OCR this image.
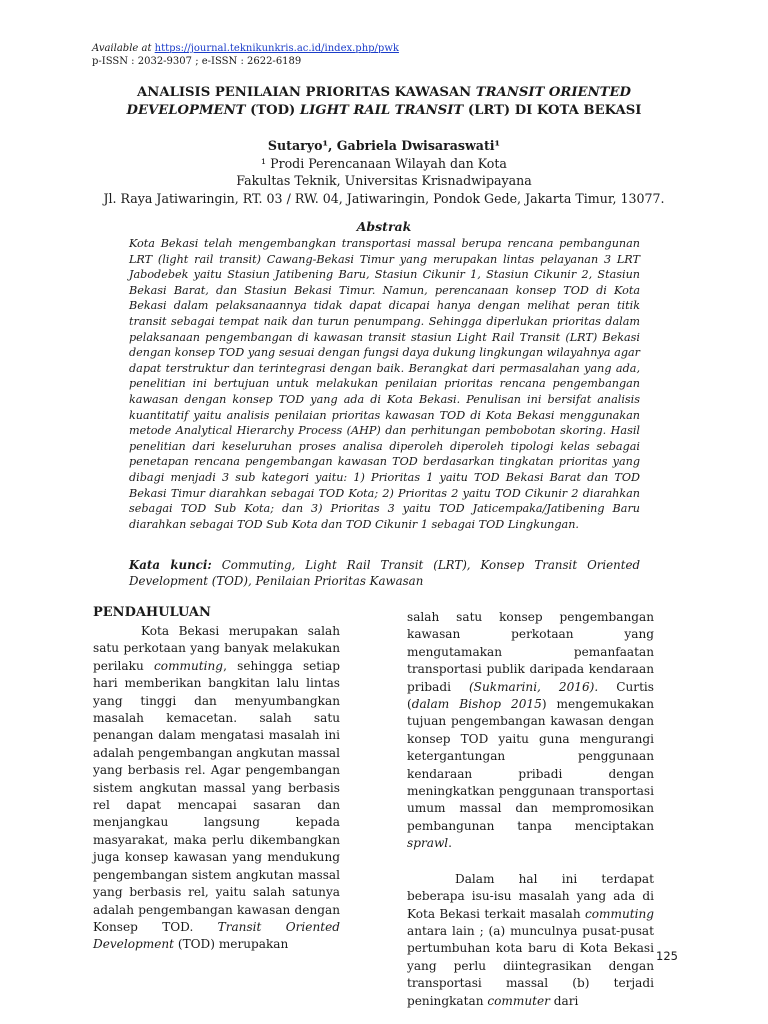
Available at https://journal.teknikunkris.ac.id/index.php/pwk
p-ISSN : 2032-9307 ; e-ISSN : 2622-6189
ANALISIS PENILAIAN PRIORITAS KAWASAN TRANSIT ORIENTED DEVELOPMENT (TOD) LIGHT RAIL TRANSIT (LRT) DI KOTA BEKASI
Sutaryo¹, Gabriela Dwisaraswati¹
¹ Prodi Perencanaan Wilayah dan Kota
Fakultas Teknik, Universitas Krisnadwipayana
Jl. Raya Jatiwaringin, RT. 03 / RW. 04, Jatiwaringin, Pondok Gede, Jakarta Timur, 13077.
Abstrak
Kota Bekasi telah mengembangkan transportasi massal berupa rencana pembangunan LRT (light rail transit) Cawang-Bekasi Timur yang merupakan lintas pelayanan 3 LRT Jabodebek yaitu Stasiun Jatibening Baru, Stasiun Cikunir 1, Stasiun Cikunir 2, Stasiun Bekasi Barat, dan Stasiun Bekasi Timur. Namun, perencanaan konsep TOD di Kota Bekasi dalam pelaksanaannya tidak dapat dicapai hanya dengan melihat peran titik transit sebagai tempat naik dan turun penumpang. Sehingga diperlukan prioritas dalam pelaksanaan pengembangan di kawasan transit stasiun Light Rail Transit (LRT) Bekasi dengan konsep TOD yang sesuai dengan fungsi daya dukung lingkungan wilayahnya agar dapat terstruktur dan terintegrasi dengan baik. Berangkat dari permasalahan yang ada, penelitian ini bertujuan untuk melakukan penilaian prioritas rencana pengembangan kawasan dengan konsep TOD yang ada di Kota Bekasi. Penulisan ini bersifat analisis kuantitatif yaitu analisis penilaian prioritas kawasan TOD di Kota Bekasi menggunakan metode Analytical Hierarchy Process (AHP) dan perhitungan pembobotan skoring. Hasil penelitian dari keseluruhan proses analisa diperoleh diperoleh tipologi kelas sebagai penetapan rencana pengembangan kawasan TOD berdasarkan tingkatan prioritas yang dibagi menjadi 3 sub kategori yaitu: 1) Prioritas 1 yaitu TOD Bekasi Barat dan TOD Bekasi Timur diarahkan sebagai TOD Kota; 2) Prioritas 2 yaitu TOD Cikunir 2 diarahkan sebagai TOD Sub Kota; dan 3) Prioritas 3 yaitu TOD Jaticempaka/Jatibening Baru diarahkan sebagai TOD Sub Kota dan TOD Cikunir 1 sebagai TOD Lingkungan.
Kata kunci: Commuting, Light Rail Transit (LRT), Konsep Transit Oriented Development (TOD), Penilaian Prioritas Kawasan
PENDAHULUAN

Kota Bekasi merupakan salah satu perkotaan yang banyak melakukan perilaku commuting, sehingga setiap hari memberikan bangkitan lalu lintas yang tinggi dan menyumbangkan masalah kemacetan. salah satu penangan dalam mengatasi masalah ini adalah pengembangan angkutan massal yang berbasis rel. Agar pengembangan sistem angkutan massal yang berbasis rel dapat mencapai sasaran dan menjangkau langsung kepada masyarakat, maka perlu dikembangkan juga konsep kawasan yang mendukung pengembangan sistem angkutan massal yang berbasis rel, yaitu salah satunya adalah pengembangan kawasan dengan Konsep TOD. Transit Oriented Development (TOD) merupakan

salah satu konsep pengembangan kawasan perkotaan yang mengutamakan pemanfaatan transportasi publik daripada kendaraan pribadi (Sukmarini, 2016). Curtis (dalam Bishop 2015) mengemukakan tujuan pengembangan kawasan dengan konsep TOD yaitu guna mengurangi ketergantungan penggunaan kendaraan pribadi dengan meningkatkan penggunaan transportasi umum massal dan mempromosikan pembangunan tanpa menciptakan sprawl.

Dalam hal ini terdapat beberapa isu-isu masalah yang ada di Kota Bekasi terkait masalah commuting antara lain ; (a) munculnya pusat-pusat pertumbuhan kota baru di Kota Bekasi yang perlu diintegrasikan dengan transportasi massal (b) terjadi peningkatan commuter dari

125
